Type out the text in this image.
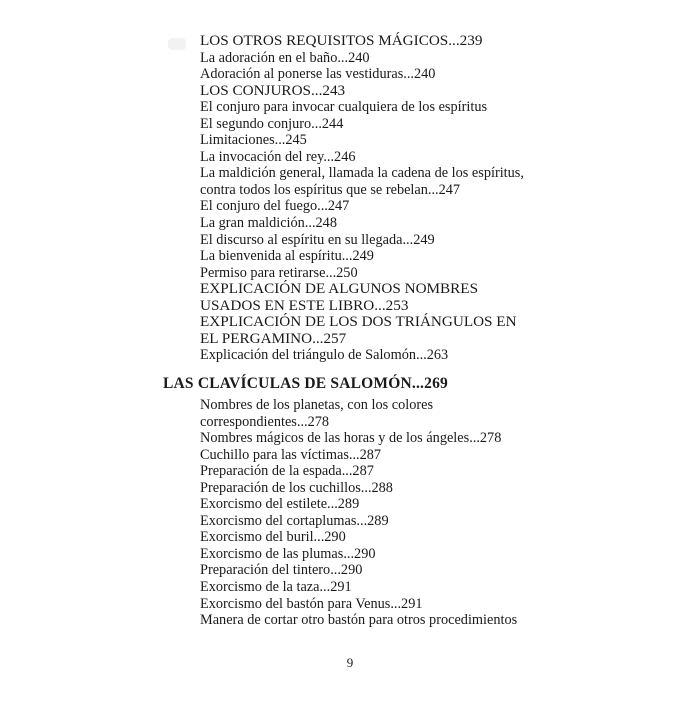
LOS OTROS REQUISITOS MÁGICOS...239
La adoración en el baño...240
Adoración al ponerse las vestiduras...240
LOS CONJUROS...243
El conjuro para invocar cualquiera de los espíritus
El segundo conjuro...244
Limitaciones...245
La invocación del rey...246
La maldición general, llamada la cadena de los espíritus,
contra todos los espíritus que se rebelan...247
El conjuro del fuego...247
La gran maldición...248
El discurso al espíritu en su llegada...249
La bienvenida al espíritu...249
Permiso para retirarse...250
EXPLICACIÓN DE ALGUNOS NOMBRES
USADOS EN ESTE LIBRO...253
EXPLICACIÓN DE LOS DOS TRIÁNGULOS EN
EL PERGAMINO...257
Explicación del triángulo de Salomón...263
LAS CLAVÍCULAS DE SALOMÓN...269
Nombres de los planetas, con los colores
correspondientes...278
Nombres mágicos de las horas y de los ángeles...278
Cuchillo para las víctimas...287
Preparación de la espada...287
Preparación de los cuchillos...288
Exorcismo del estilete...289
Exorcismo del cortaplumas...289
Exorcismo del buril...290
Exorcismo de las plumas...290
Preparación del tintero...290
Exorcismo de la taza...291
Exorcismo del bastón para Venus...291
Manera de cortar otro bastón para otros procedimientos
9
